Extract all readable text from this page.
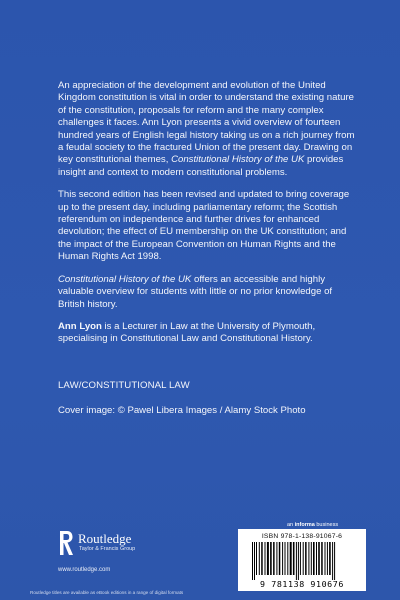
An appreciation of the development and evolution of the United Kingdom constitution is vital in order to understand the existing nature of the constitution, proposals for reform and the many complex challenges it faces. Ann Lyon presents a vivid overview of fourteen hundred years of English legal history taking us on a rich journey from a feudal society to the fractured Union of the present day. Drawing on key constitutional themes, Constitutional History of the UK provides insight and context to modern constitutional problems.

This second edition has been revised and updated to bring coverage up to the present day, including parliamentary reform; the Scottish referendum on independence and further drives for enhanced devolution; the effect of EU membership on the UK constitution; and the impact of the European Convention on Human Rights and the Human Rights Act 1998.

Constitutional History of the UK offers an accessible and highly valuable overview for students with little or no prior knowledge of British history.

Ann Lyon is a Lecturer in Law at the University of Plymouth, specialising in Constitutional Law and Constitutional History.

LAW/CONSTITUTIONAL LAW
Cover image: © Pawel Libera Images / Alamy Stock Photo
Routledge
Taylor & Francis Group
www.routledge.com
Routledge titles are available as eBook editions in a range of digital formats
an informa business
ISBN 978-1-138-91067-6
9 781138 910676
